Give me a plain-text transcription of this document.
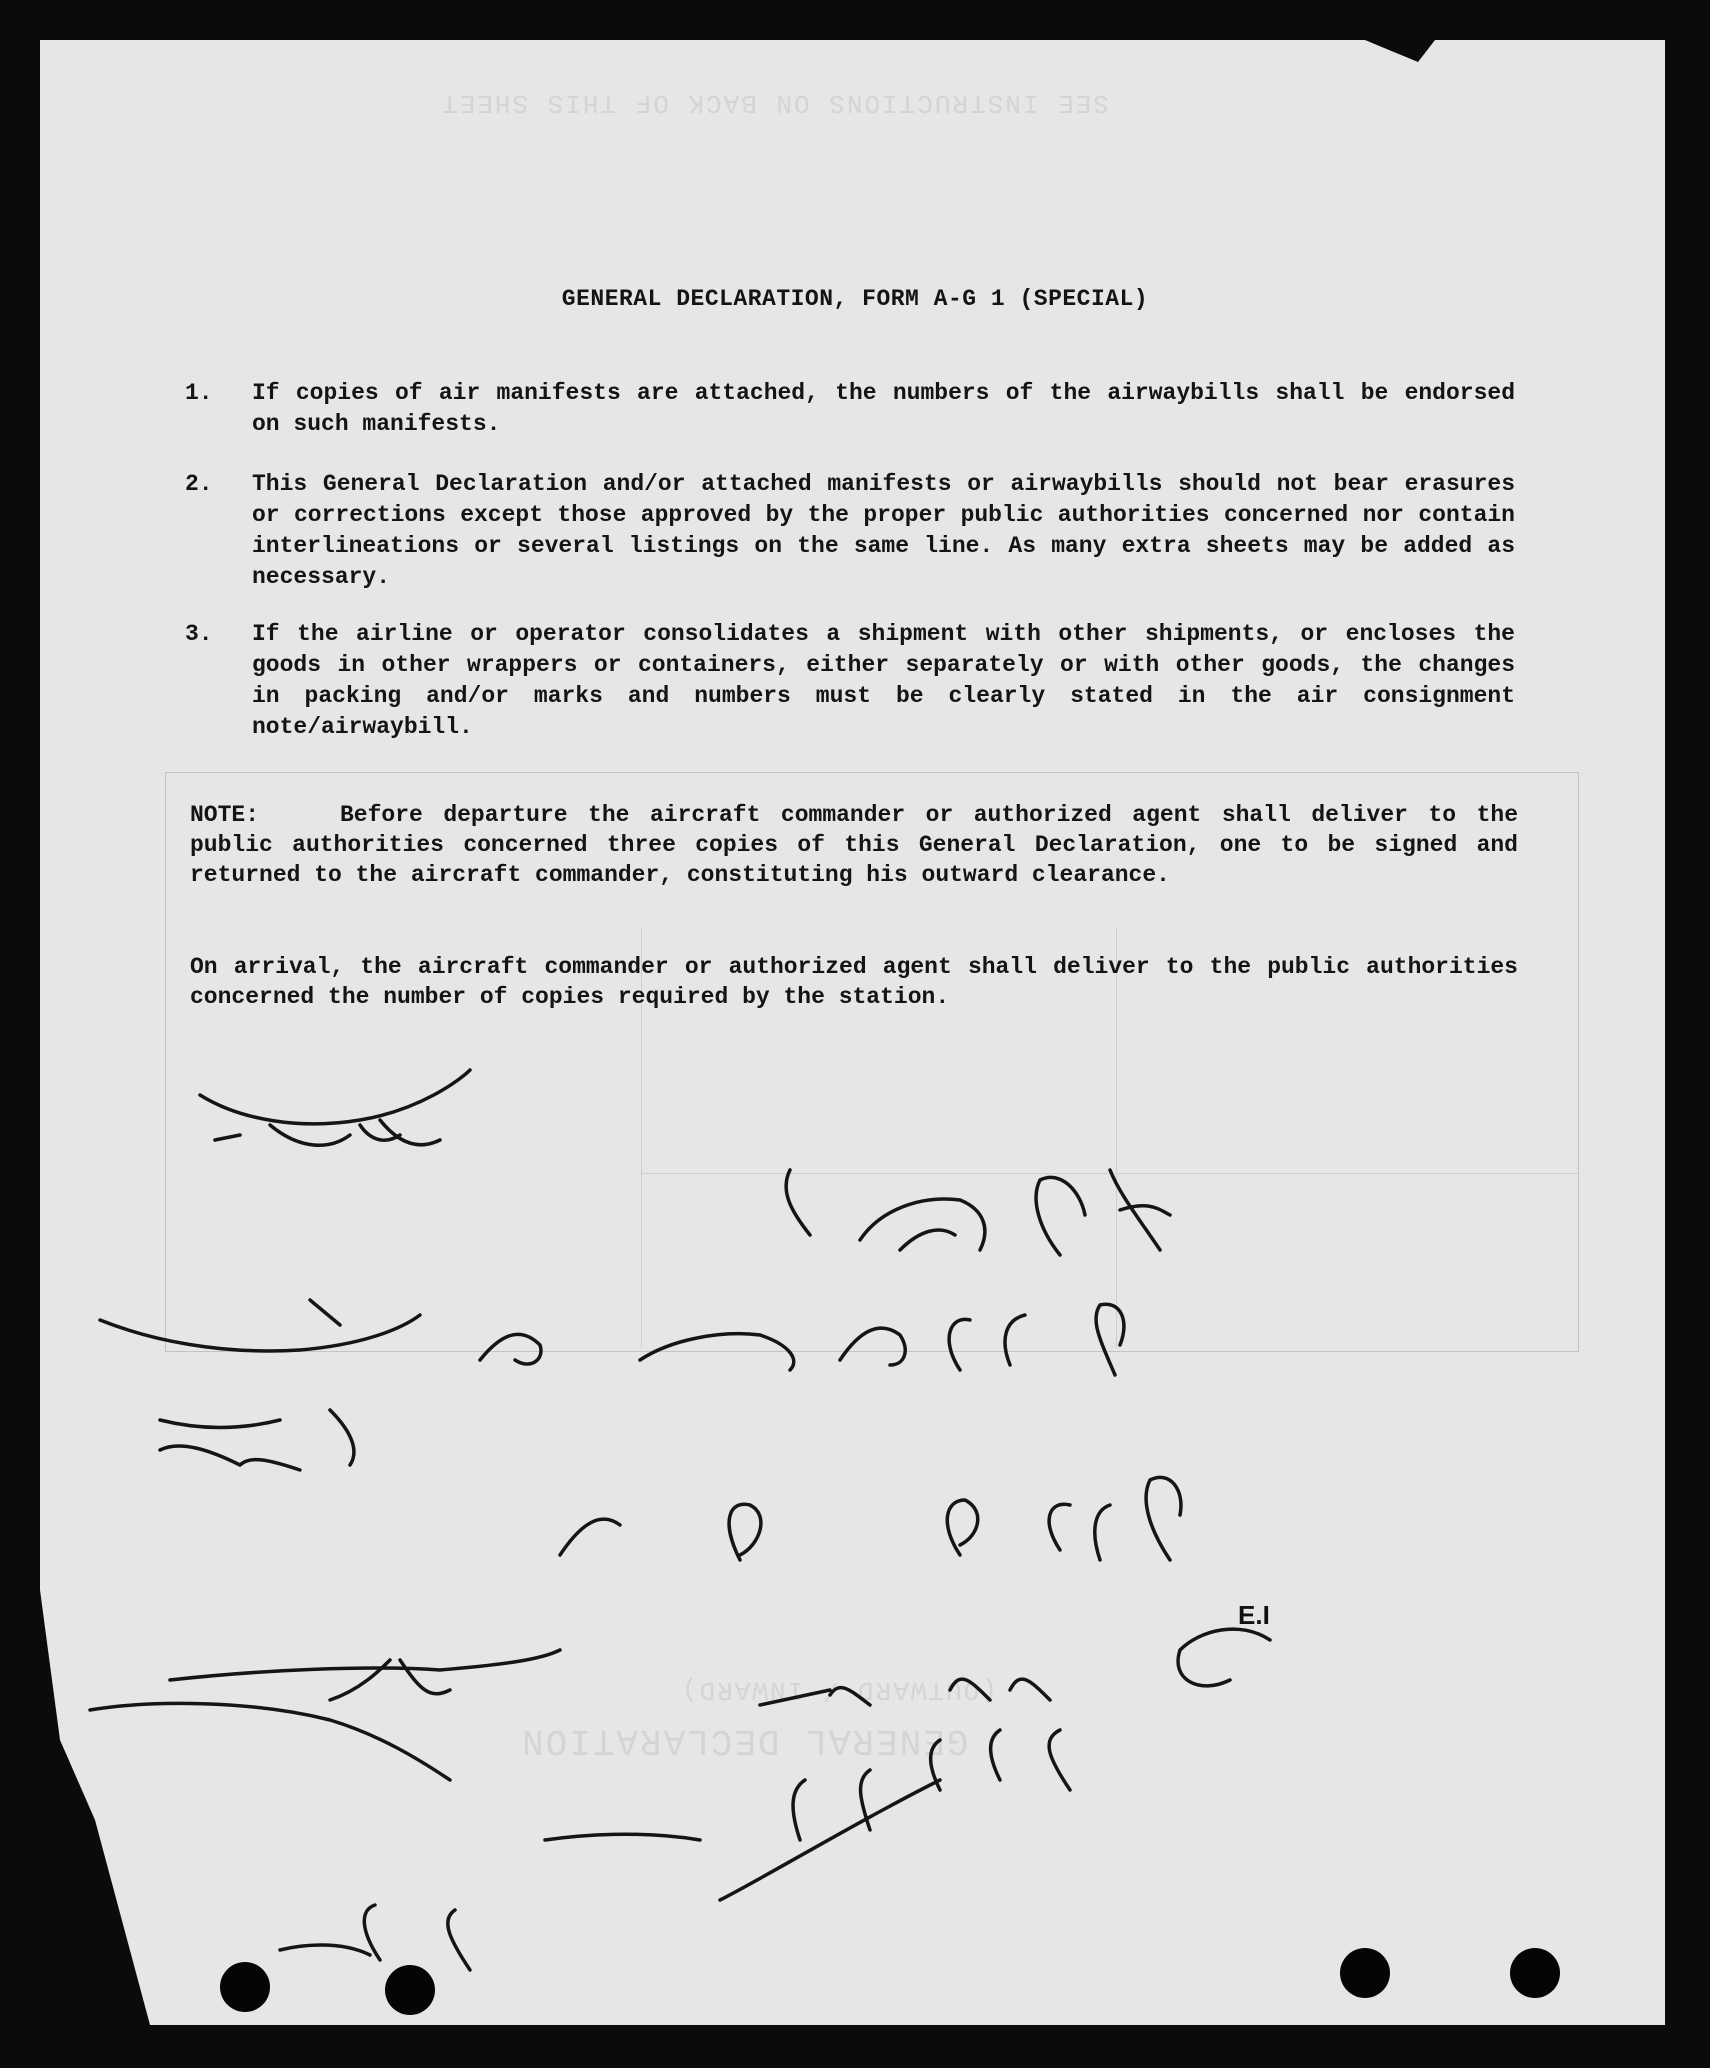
SEE INSTRUCTIONS ON BACK OF THIS SHEET
GENERAL DECLARATION
(OUTWARD / INWARD)
GENERAL DECLARATION, FORM A-G 1 (SPECIAL)
1.	If copies of air manifests are attached, the numbers of the airwaybills shall be endorsed on such manifests.
2.	This General Declaration and/or attached manifests or airwaybills should not bear erasures or corrections except those approved by the proper public authorities concerned nor contain interlineations or several listings on the same line. As many extra sheets may be added as necessary.
3.	If the airline or operator consolidates a shipment with other shipments, or encloses the goods in other wrappers or containers, either separately or with other goods, the changes in packing and/or marks and numbers must be clearly stated in the air consignment note/airwaybill.
NOTE:	Before departure the aircraft commander or authorized agent shall deliver to the public authorities concerned three copies of this General Declaration, one to be signed and returned to the aircraft commander, constituting his outward clearance.
On arrival, the aircraft commander or authorized agent shall deliver to the public authorities concerned the number of copies required by the station.
E.I
